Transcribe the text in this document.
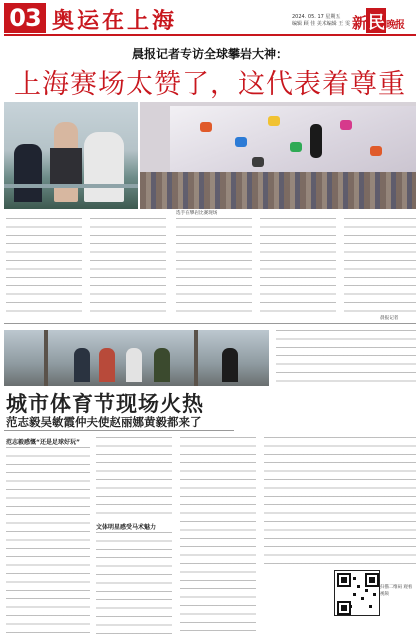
03 奥运在上海	2024. 05. 17 星期五
编辑 顾 佳 美术编辑 王 雯 新 民 晚报
晨报记者专访全球攀岩大神：
上海赛场太赞了，这代表着尊重
选手在攀岩比赛现场
晨报记者
城市体育节现场火热
范志毅吴敏霞仲夫使赵丽娜黄毅都来了
范志毅感慨“还是足球好玩”
文体明星感受马术魅力
扫描二维码 观看视频
